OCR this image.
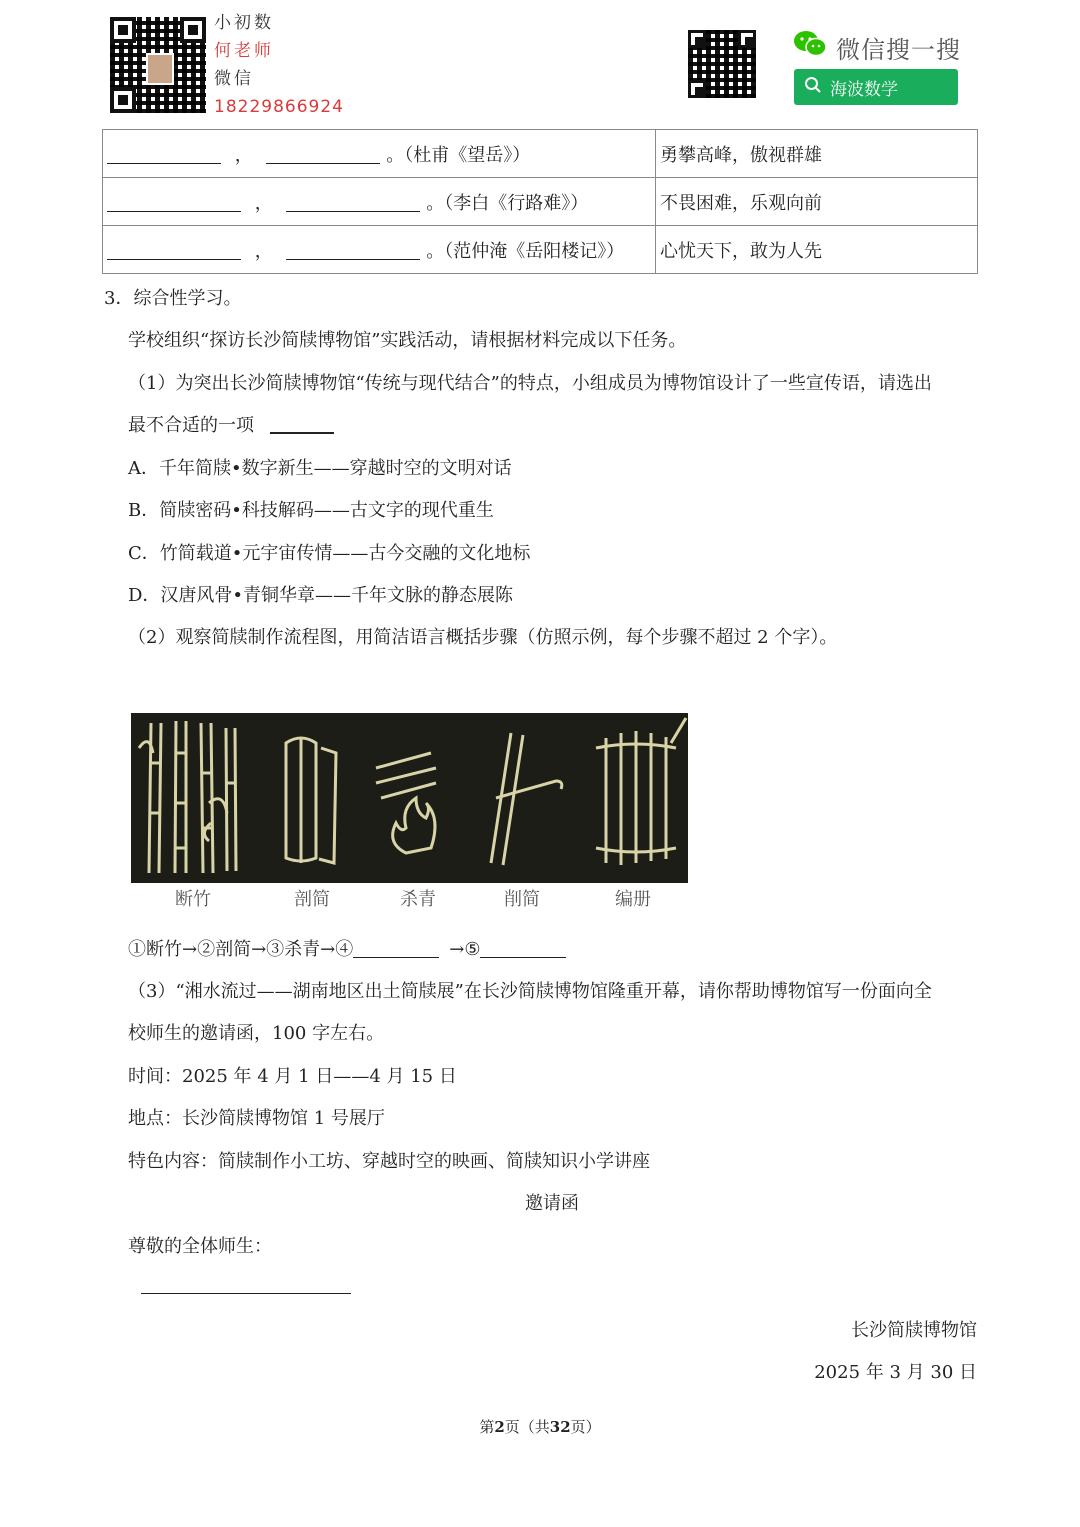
小初数
何老师
微信
18229866924
微信搜一搜
海波数学
， 。（杜甫《望岳》）	勇攀高峰，傲视群雄
， 。（李白《行路难》）	不畏困难，乐观向前
， 。（范仲淹《岳阳楼记》）	心忧天下，敢为人先
3．综合性学习。
学校组织“探访长沙简牍博物馆”实践活动，请根据材料完成以下任务。
（1）为突出长沙简牍博物馆“传统与现代结合”的特点，小组成员为博物馆设计了一些宣传语，请选出
最不合适的一项
A．千年简牍•数字新生——穿越时空的文明对话
B．简牍密码•科技解码——古文字的现代重生
C．竹简载道•元宇宙传情——古今交融的文化地标
D．汉唐风骨•青铜华章——千年文脉的静态展陈
（2）观察简牍制作流程图，用简洁语言概括步骤（仿照示例，每个步骤不超过 2 个字）。
断竹	剖简	杀青	削简	编册
①断竹→②剖简→③杀青→④	→⑤
（3）“湘水流过——湖南地区出土简牍展”在长沙简牍博物馆隆重开幕，请你帮助博物馆写一份面向全
校师生的邀请函，100 字左右。
时间：2025 年 4 月 1 日——4 月 15 日
地点：长沙简牍博物馆 1 号展厅
特色内容：简牍制作小工坊、穿越时空的映画、简牍知识小学讲座
邀请函
尊敬的全体师生：
长沙简牍博物馆
2025 年 3 月 30 日
第2页（共32页）
